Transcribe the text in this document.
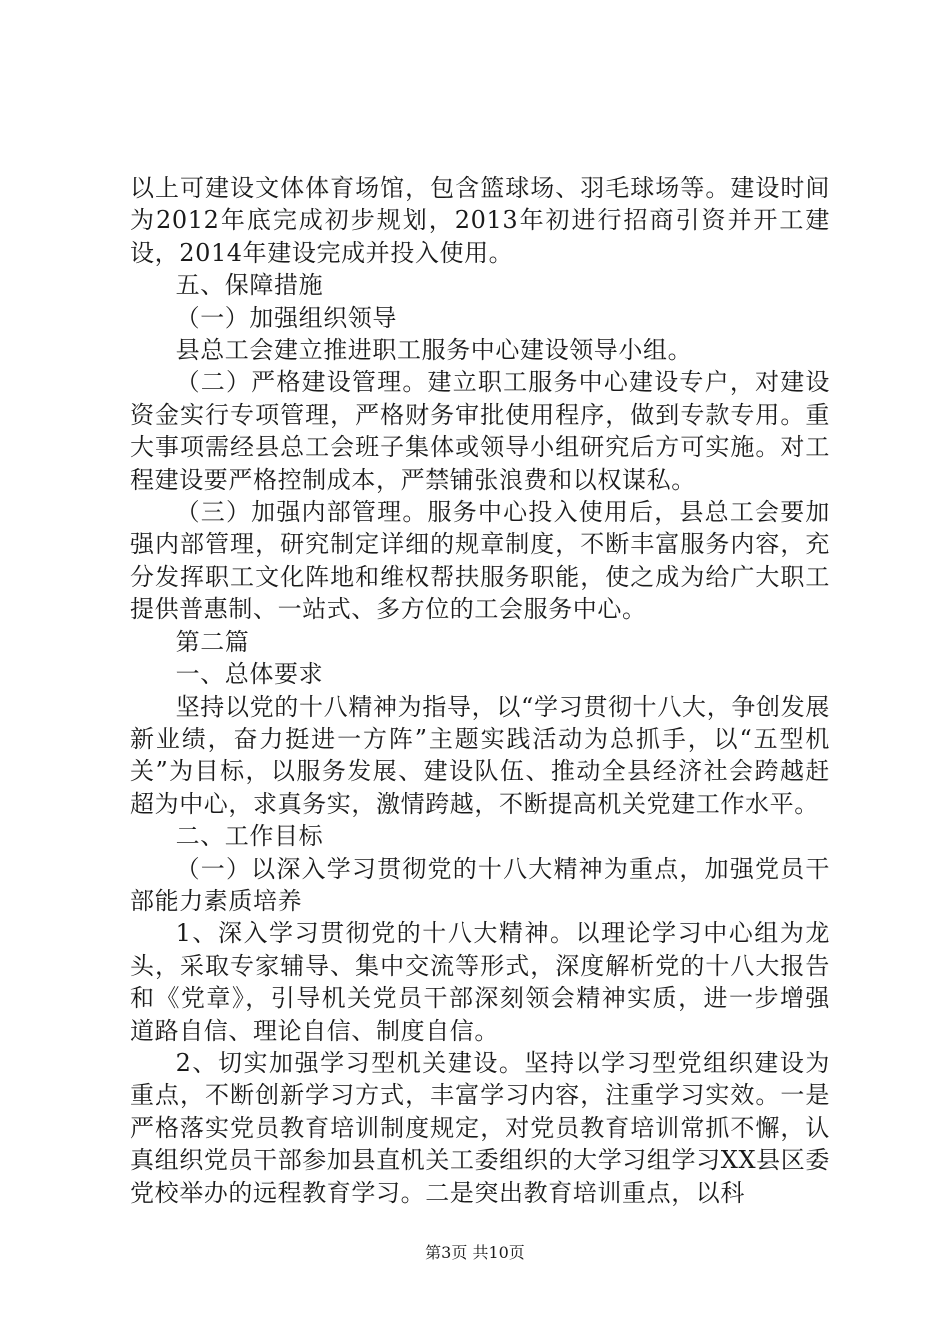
以上可建设文体体育场馆，包含篮球场、羽毛球场等。建设时间为2012年底完成初步规划，2013年初进行招商引资并开工建设，2014年建设完成并投入使用。

五、保障措施

（一）加强组织领导

县总工会建立推进职工服务中心建设领导小组。

（二）严格建设管理。建立职工服务中心建设专户，对建设资金实行专项管理，严格财务审批使用程序，做到专款专用。重大事项需经县总工会班子集体或领导小组研究后方可实施。对工程建设要严格控制成本，严禁铺张浪费和以权谋私。

（三）加强内部管理。服务中心投入使用后，县总工会要加强内部管理，研究制定详细的规章制度，不断丰富服务内容，充分发挥职工文化阵地和维权帮扶服务职能，使之成为给广大职工提供普惠制、一站式、多方位的工会服务中心。

第二篇

一、总体要求

坚持以党的十八精神为指导，以“学习贯彻十八大，争创发展新业绩，奋力挺进一方阵”主题实践活动为总抓手，以“五型机关”为目标，以服务发展、建设队伍、推动全县经济社会跨越赶超为中心，求真务实，激情跨越，不断提高机关党建工作水平。

二、工作目标

（一）以深入学习贯彻党的十八大精神为重点，加强党员干部能力素质培养

1、深入学习贯彻党的十八大精神。以理论学习中心组为龙头，采取专家辅导、集中交流等形式，深度解析党的十八大报告和《党章》，引导机关党员干部深刻领会精神实质，进一步增强道路自信、理论自信、制度自信。

2、切实加强学习型机关建设。坚持以学习型党组织建设为重点，不断创新学习方式，丰富学习内容，注重学习实效。一是严格落实党员教育培训制度规定，对党员教育培训常抓不懈，认真组织党员干部参加县直机关工委组织的大学习组学习XX县区委党校举办的远程教育学习。二是突出教育培训重点，以科

第3页 共10页
